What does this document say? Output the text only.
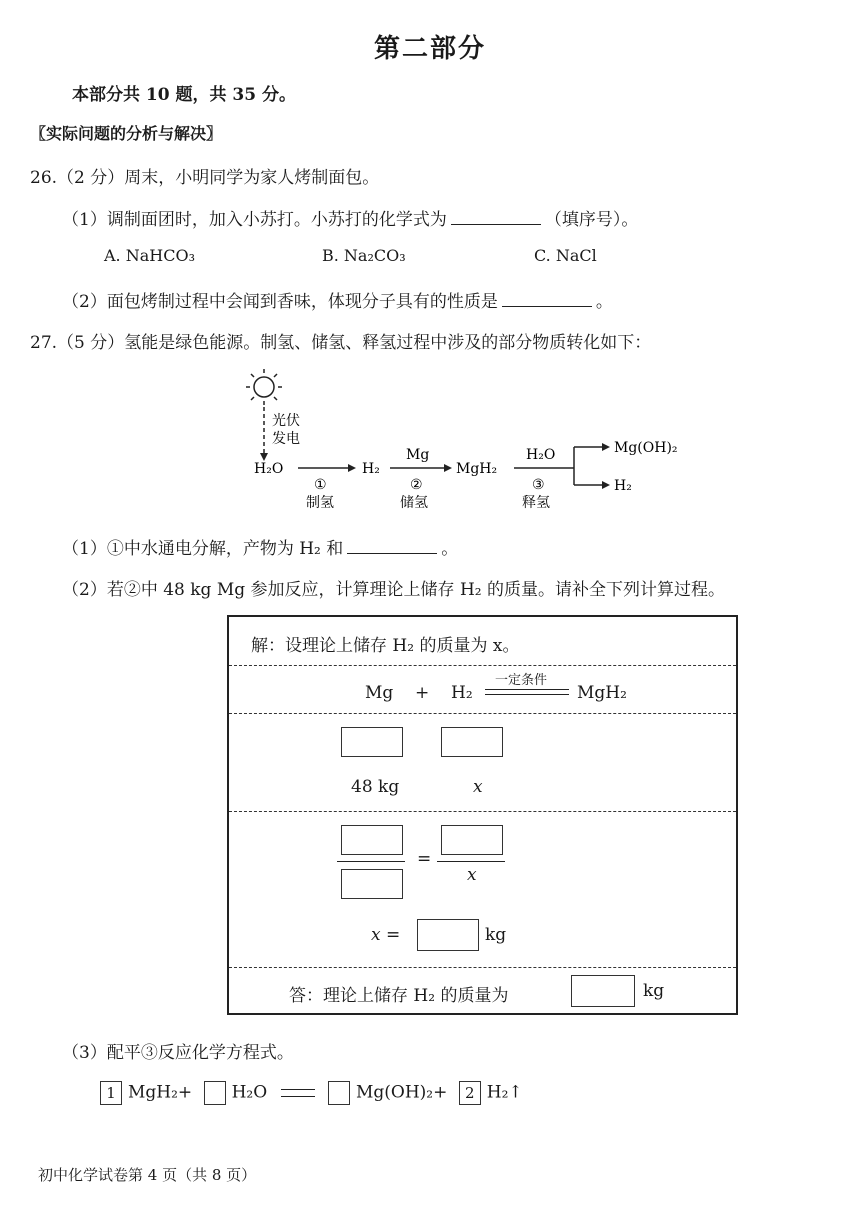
第二部分
本部分共 10 题，共 35 分。
〖实际问题的分析与解决〗
26.（2 分）周末，小明同学为家人烤制面包。
（1）调制面团时，加入小苏打。小苏打的化学式为	（填序号）。
A. NaHCO₃	B. Na₂CO₃	C. NaCl
（2）面包烤制过程中会闻到香味，体现分子具有的性质是	。
27.（5 分）氢能是绿色能源。制氢、储氢、释氢过程中涉及的部分物质转化如下：
光伏
发电
H₂O
①
制氢
H₂
Mg
②
储氢
MgH₂
H₂O
③
释氢
Mg(OH)₂
H₂
（1）①中水通电分解，产物为 H₂ 和	。
（2）若②中 48 kg Mg 参加反应，计算理论上储存 H₂ 的质量。请补全下列计算过程。
解：设理论上储存 H₂ 的质量为 x。
Mg + H₂
一定条件
MgH₂
48 kg	x
=
x
x =	kg
答：理论上储存 H₂ 的质量为	kg
（3）配平③反应化学方程式。
1 MgH₂+ H₂O	Mg(OH)₂+ 2 H₂↑
初中化学试卷第 4 页（共 8 页）
